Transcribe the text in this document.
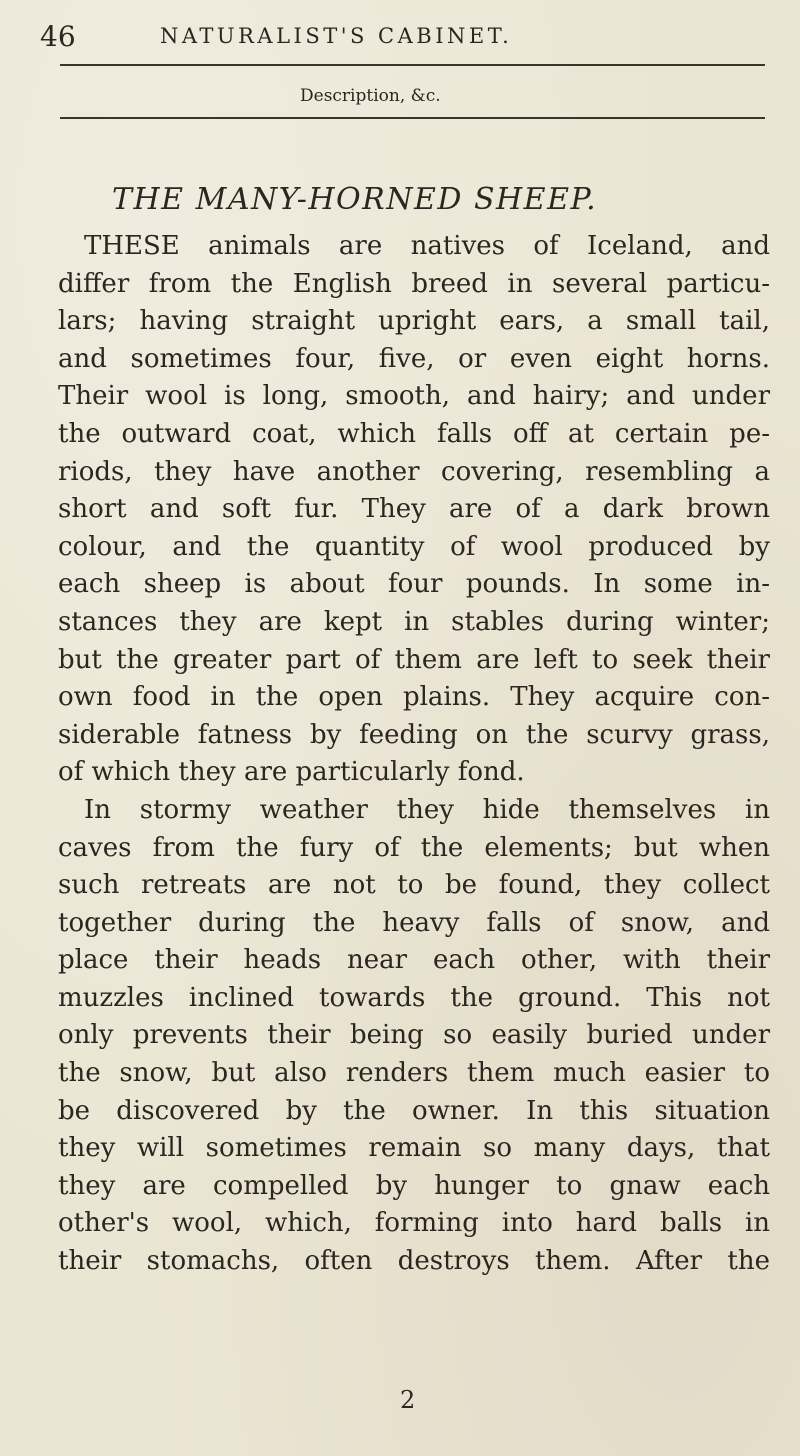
46	NATURALIST'S CABINET.
Description, &c.
THE MANY-HORNED SHEEP.
THESE animals are natives of Iceland, and
differ from the English breed in several particu-
lars; having straight upright ears, a small tail,
and sometimes four, five, or even eight horns.
Their wool is long, smooth, and hairy; and under
the outward coat, which falls off at certain pe-
riods, they have another covering, resembling a
short and soft fur. They are of a dark brown
colour, and the quantity of wool produced by
each sheep is about four pounds. In some in-
stances they are kept in stables during winter;
but the greater part of them are left to seek their
own food in the open plains. They acquire con-
siderable fatness by feeding on the scurvy grass,
of which they are particularly fond.
In stormy weather they hide themselves in
caves from the fury of the elements; but when
such retreats are not to be found, they collect
together during the heavy falls of snow, and
place their heads near each other, with their
muzzles inclined towards the ground. This not
only prevents their being so easily buried under
the snow, but also renders them much easier to
be discovered by the owner. In this situation
they will sometimes remain so many days, that
they are compelled by hunger to gnaw each
other's wool, which, forming into hard balls in
their stomachs, often destroys them. After the
2
